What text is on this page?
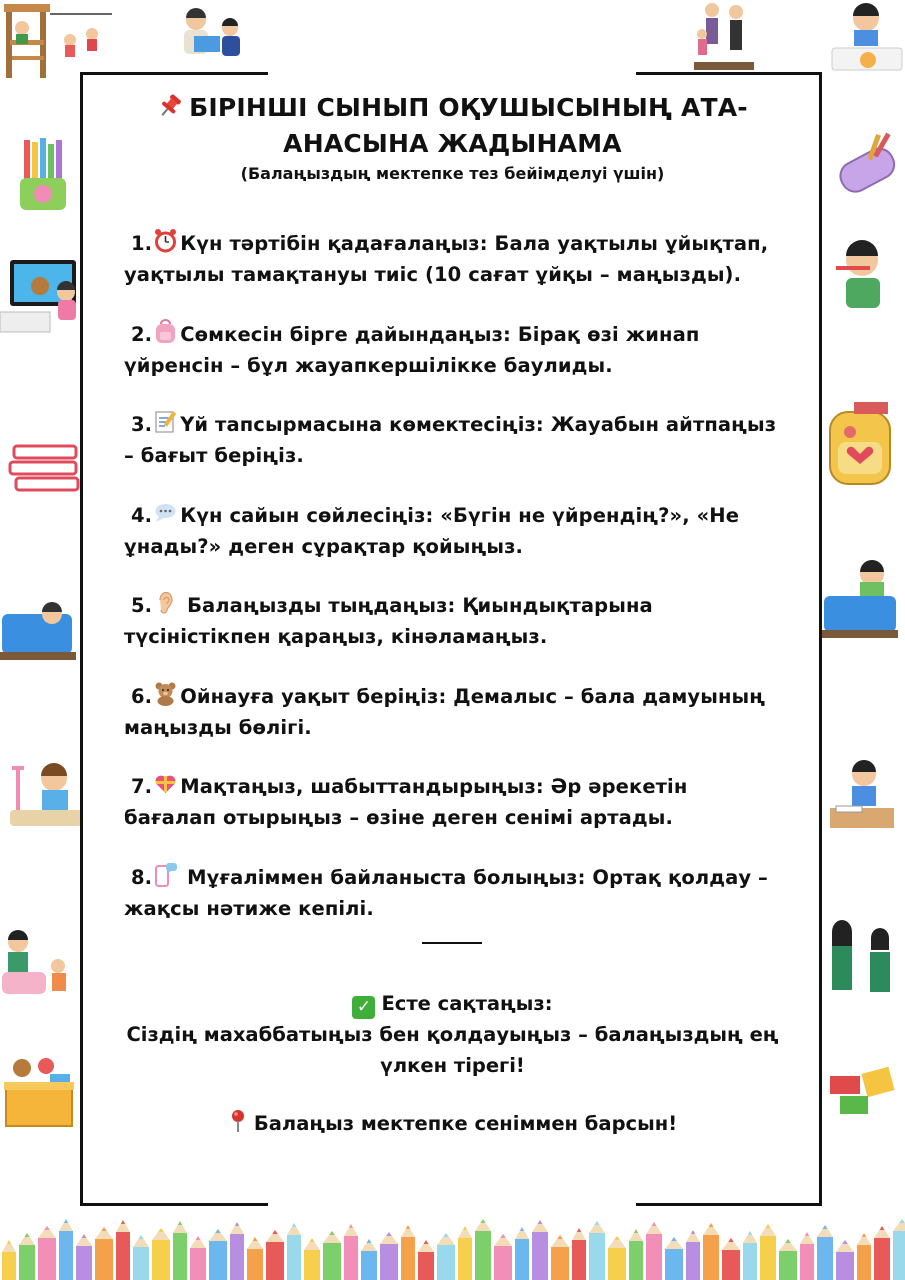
БІРІНШІ СЫНЫП ОҚУШЫСЫНЫҢ АТА-АНАСЫНА ЖАДЫНАМА
(Балаңыздың мектепке тез бейімделуі үшін)

1. Күн тәртібін қадағалаңыз: Бала уақтылы ұйықтап, уақтылы тамақтануы тиіс (10 сағат ұйқы – маңызды).

2. Сөмкесін бірге дайындаңыз: Бірақ өзі жинап үйренсін – бұл жауапкершілікке баулиды.

3. Үй тапсырмасына көмектесіңіз: Жауабын айтпаңыз – бағыт беріңіз.

4. Күн сайын сөйлесіңіз: «Бүгін не үйрендің?», «Не ұнады?» деген сұрақтар қойыңыз.

5. Балаңызды тыңдаңыз: Қиындықтарына түсіністікпен қараңыз, кінәламаңыз.

6. Ойнауға уақыт беріңіз: Демалыс – бала дамуының маңызды бөлігі.

7. Мақтаңыз, шабыттандырыңыз: Әр әрекетін бағалап отырыңыз – өзіне деген сенімі артады.

8. Мұғаліммен байланыста болыңыз: Ортақ қолдау – жақсы нәтиже кепілі.

✓ Есте сақтаңыз:
Сіздің махаббатыңыз бен қолдауыңыз – балаңыздың ең үлкен тірегі!
Балаңыз мектепке сеніммен барсын!
